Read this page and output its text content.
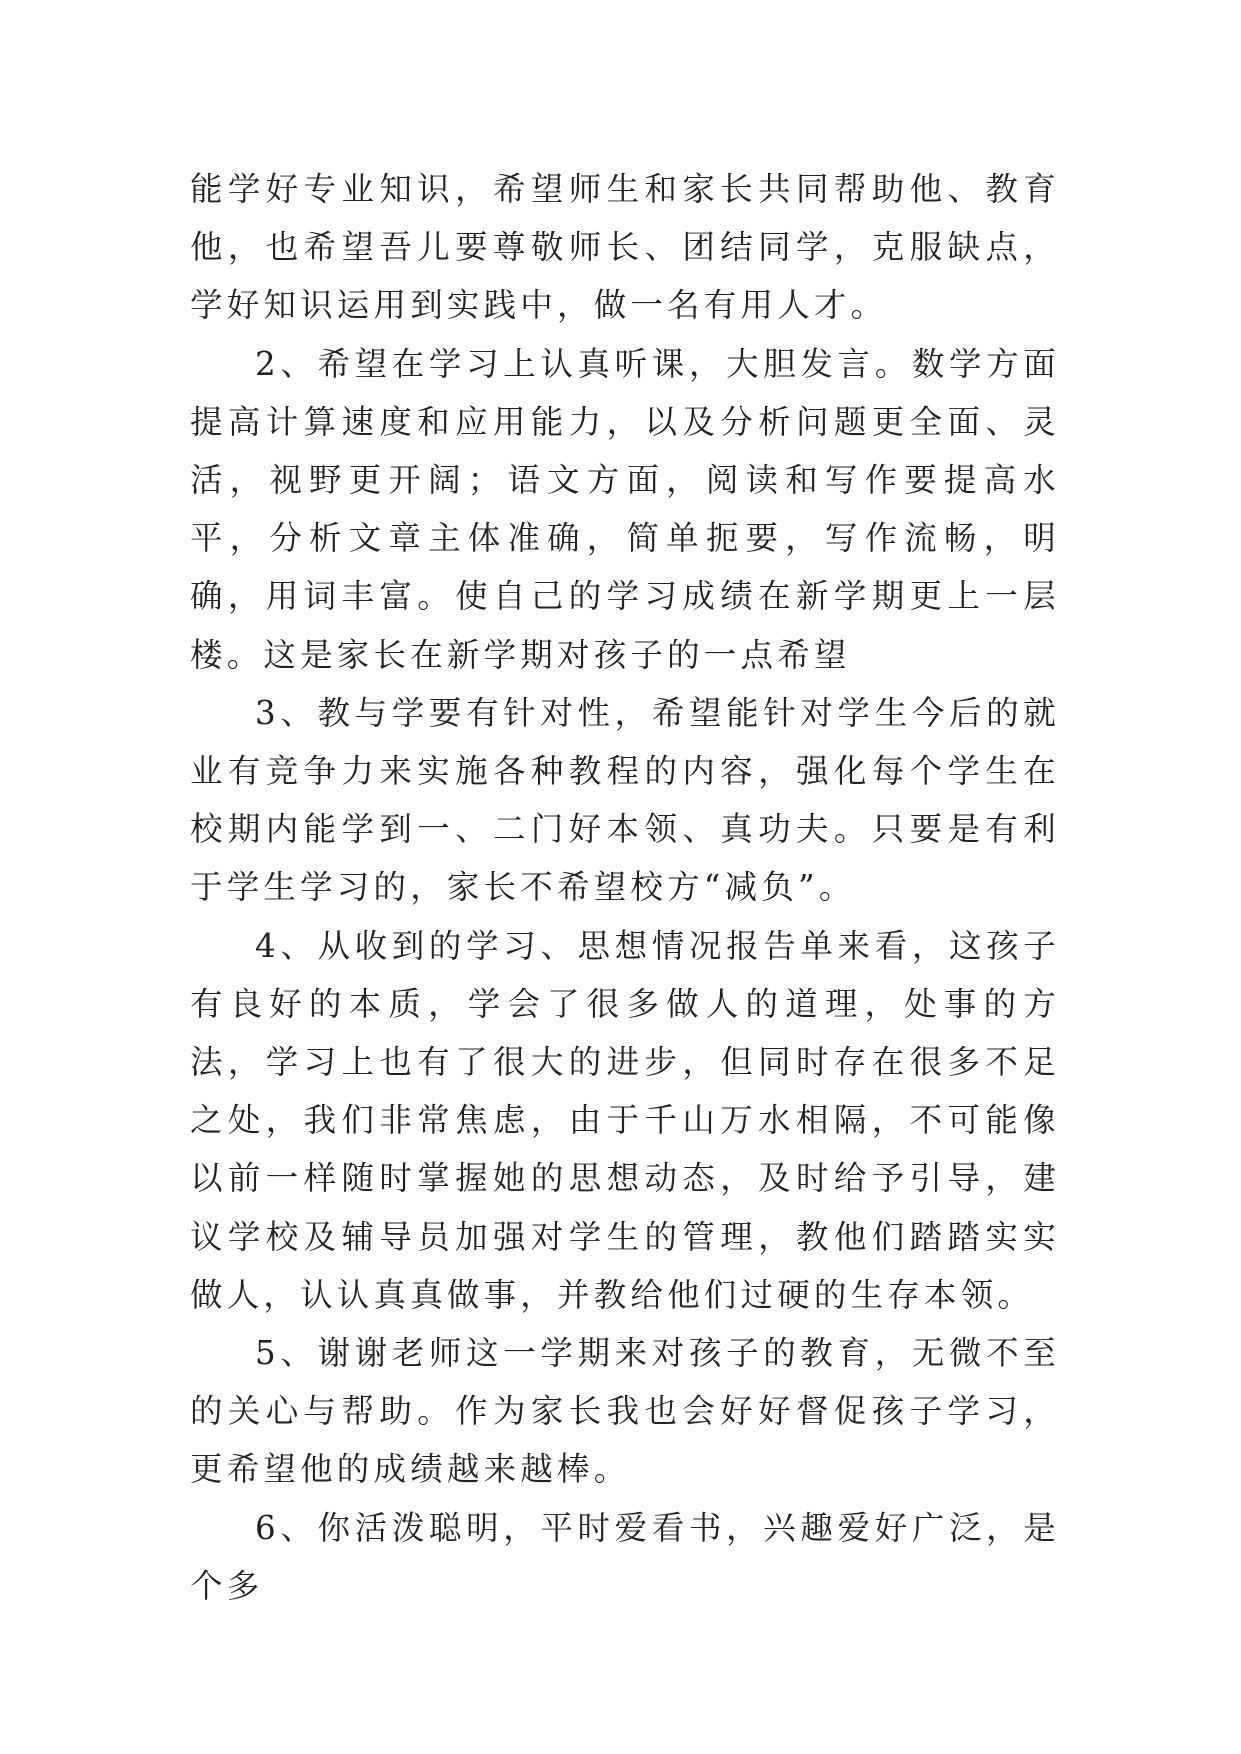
能学好专业知识，希望师生和家长共同帮助他、教育他，也希望吾儿要尊敬师长、团结同学，克服缺点，学好知识运用到实践中，做一名有用人才。

2、希望在学习上认真听课，大胆发言。数学方面提高计算速度和应用能力，以及分析问题更全面、灵活，视野更开阔；语文方面，阅读和写作要提高水平，分析文章主体准确，简单扼要，写作流畅，明确，用词丰富。使自己的学习成绩在新学期更上一层楼。这是家长在新学期对孩子的一点希望

3、教与学要有针对性，希望能针对学生今后的就业有竞争力来实施各种教程的内容，强化每个学生在校期内能学到一、二门好本领、真功夫。只要是有利于学生学习的，家长不希望校方“减负”。

4、从收到的学习、思想情况报告单来看，这孩子有良好的本质，学会了很多做人的道理，处事的方法，学习上也有了很大的进步，但同时存在很多不足之处，我们非常焦虑，由于千山万水相隔，不可能像以前一样随时掌握她的思想动态，及时给予引导，建议学校及辅导员加强对学生的管理，教他们踏踏实实做人，认认真真做事，并教给他们过硬的生存本领。

5、谢谢老师这一学期来对孩子的教育，无微不至的关心与帮助。作为家长我也会好好督促孩子学习，更希望他的成绩越来越棒。

6、你活泼聪明，平时爱看书，兴趣爱好广泛，是个多
